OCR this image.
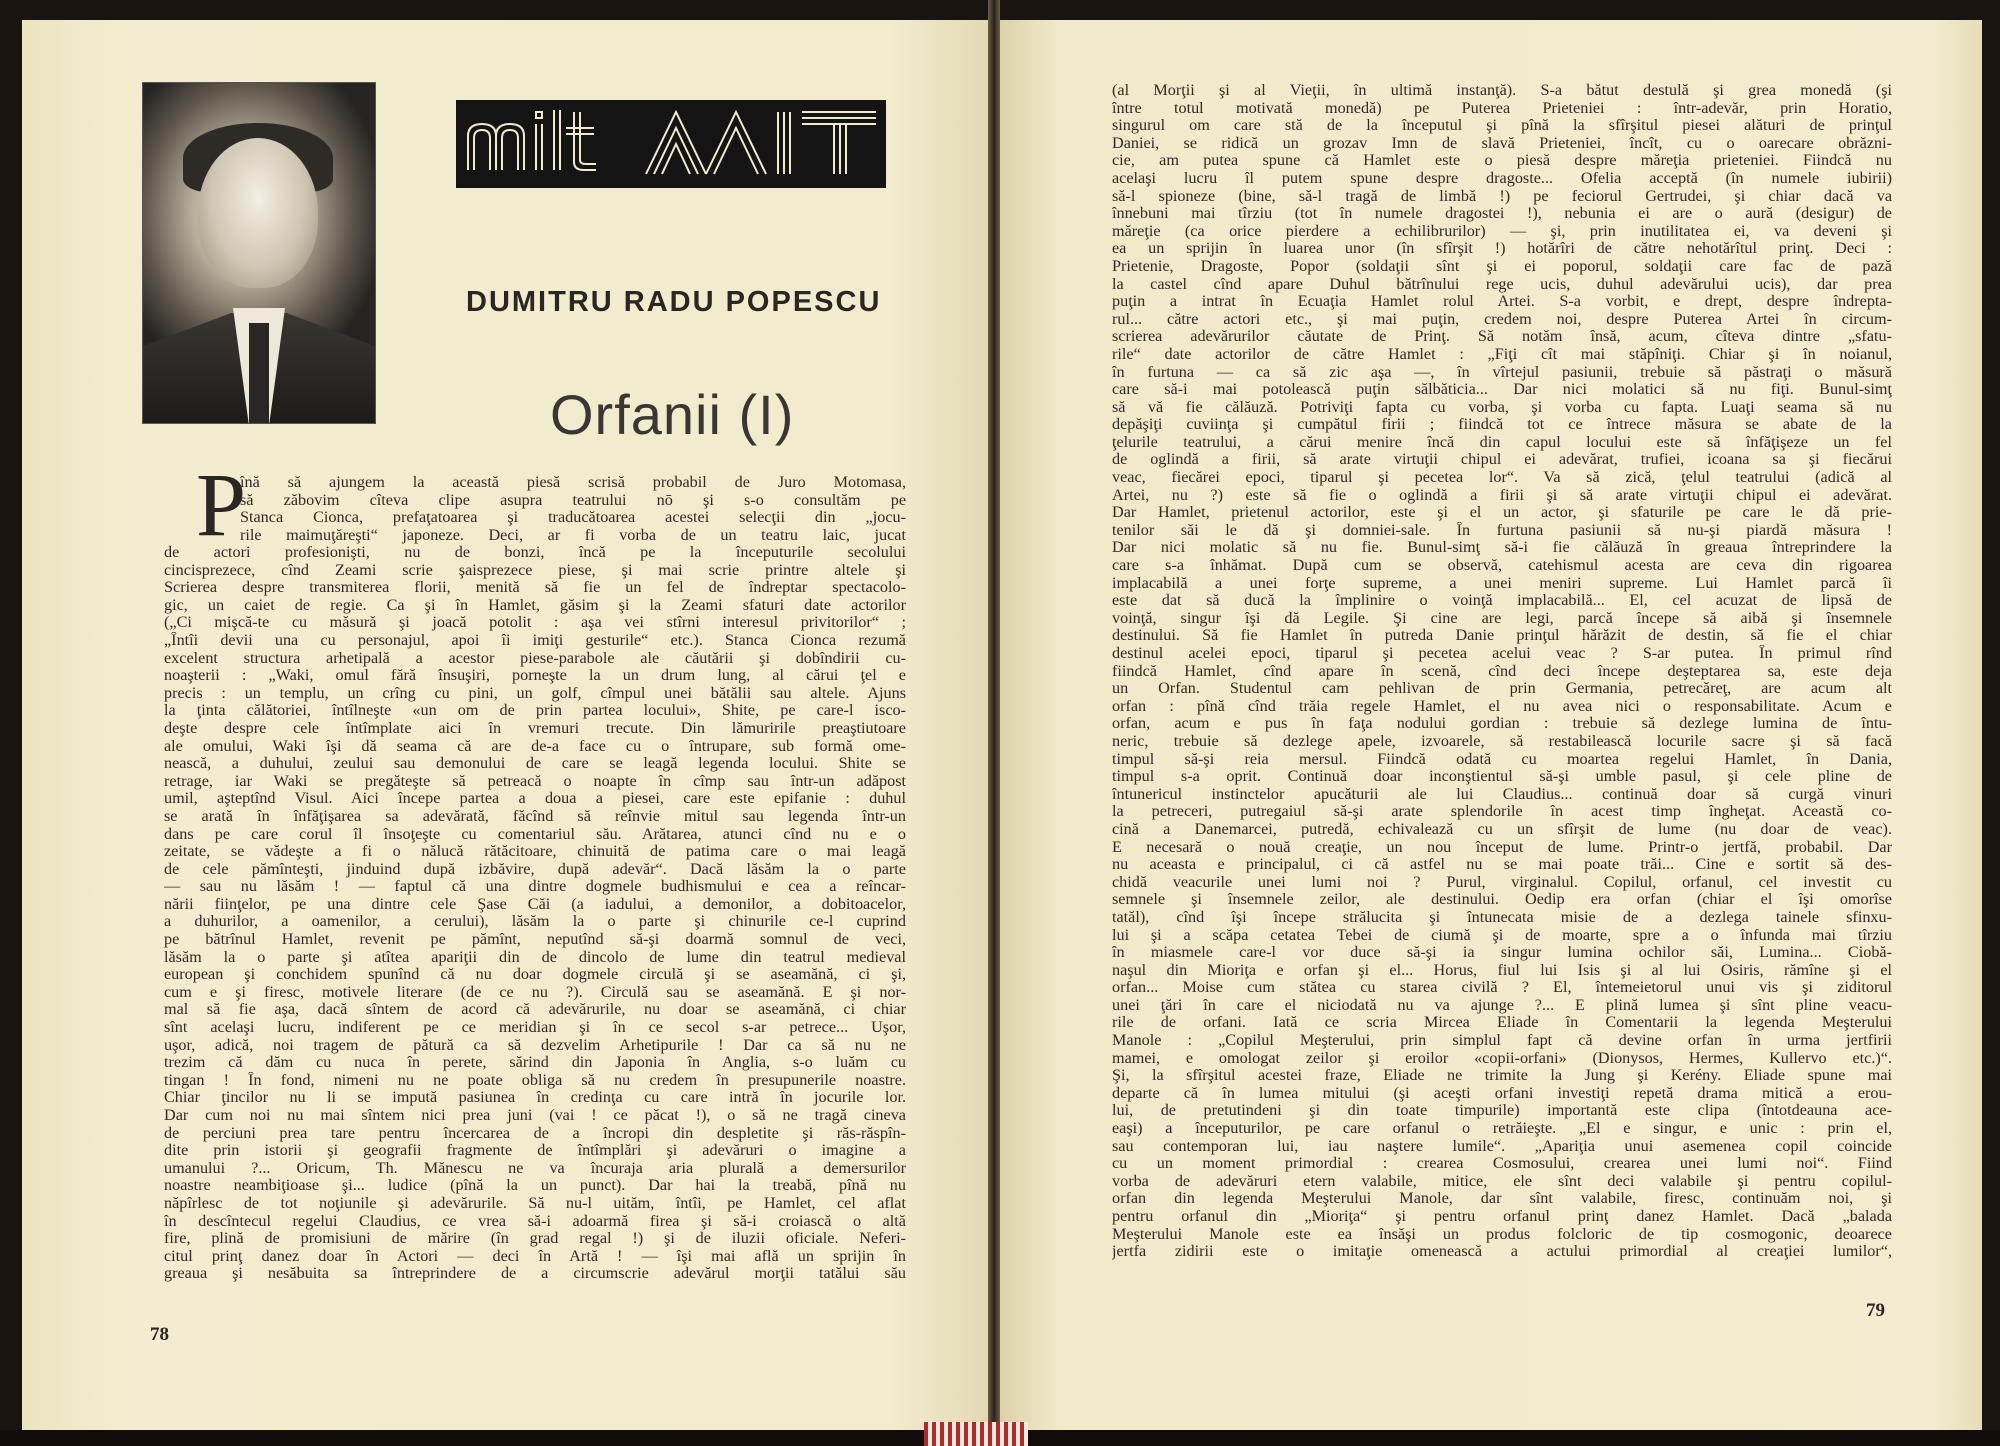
mit MIT
DUMITRU RADU POPESCU
Orfanii (I)
P
înă să ajungem la această piesă scrisă probabil de Juro Motomasa,
să zăbovim cîteva clipe asupra teatrului nō şi s-o consultăm pe
Stanca Cionca, prefaţatoarea şi traducătoarea acestei selecţii din „jocu-
rile maimuţăreşti“ japoneze. Deci, ar fi vorba de un teatru laic, jucat
de actori profesionişti, nu de bonzi, încă pe la începuturile secolului
cincisprezece, cînd Zeami scrie şaisprezece piese, şi mai scrie printre altele şi
Scrierea despre transmiterea florii, menită să fie un fel de îndreptar spectacolo-
gic, un caiet de regie. Ca şi în Hamlet, găsim şi la Zeami sfaturi date actorilor
(„Ci mişcă-te cu măsură şi joacă potolit : aşa vei stîrni interesul privitorilor“ ;
„Întîi devii una cu personajul, apoi îi imiţi gesturile“ etc.). Stanca Cionca rezumă
excelent structura arhetipală a acestor piese-parabole ale căutării şi dobîndirii cu-
noaşterii : „Waki, omul fără însuşiri, porneşte la un drum lung, al cărui ţel e
precis : un templu, un crîng cu pini, un golf, cîmpul unei bătălii sau altele. Ajuns
la ţinta călătoriei, întîlneşte «un om de prin partea locului», Shite, pe care-l isco-
deşte despre cele întîmplate aici în vremuri trecute. Din lămuririle preaştiutoare
ale omului, Waki îşi dă seama că are de-a face cu o întrupare, sub formă ome-
nească, a duhului, zeului sau demonului de care se leagă legenda locului. Shite se
retrage, iar Waki se pregăteşte să petreacă o noapte în cîmp sau într-un adăpost
umil, aşteptînd Visul. Aici începe partea a doua a piesei, care este epifanie : duhul
se arată în înfăţişarea sa adevărată, făcînd să reînvie mitul sau legenda într-un
dans pe care corul îl însoţeşte cu comentariul său. Arătarea, atunci cînd nu e o
zeitate, se vădeşte a fi o nălucă rătăcitoare, chinuită de patima care o mai leagă
de cele pămînteşti, jinduind după izbăvire, după adevăr“. Dacă lăsăm la o parte
— sau nu lăsăm ! — faptul că una dintre dogmele budhismului e cea a reîncar-
nării fiinţelor, pe una dintre cele Şase Căi (a iadului, a demonilor, a dobitoacelor,
a duhurilor, a oamenilor, a cerului), lăsăm la o parte şi chinurile ce-l cuprind
pe bătrînul Hamlet, revenit pe pămînt, neputînd să-şi doarmă somnul de veci,
lăsăm la o parte şi atîtea apariţii din de dincolo de lume din teatrul medieval
european şi conchidem spunînd că nu doar dogmele circulă şi se aseamănă, ci şi,
cum e şi firesc, motivele literare (de ce nu ?). Circulă sau se aseamănă. E şi nor-
mal să fie aşa, dacă sîntem de acord că adevărurile, nu doar se aseamănă, ci chiar
sînt acelaşi lucru, indiferent pe ce meridian şi în ce secol s-ar petrece... Uşor,
uşor, adică, noi tragem de pătură ca să dezvelim Arhetipurile ! Dar ca să nu ne
trezim că dăm cu nuca în perete, sărind din Japonia în Anglia, s-o luăm cu
tingan ! În fond, nimeni nu ne poate obliga să nu credem în presupunerile noastre.
Chiar ţincilor nu li se impută pasiunea în credinţa cu care intră în jocurile lor.
Dar cum noi nu mai sîntem nici prea juni (vai ! ce păcat !), o să ne tragă cineva
de perciuni prea tare pentru încercarea de a încropi din despletite şi răs-răspîn-
dite prin istorii şi geografii fragmente de întîmplări şi adevăruri o imagine a
umanului ?... Oricum, Th. Mănescu ne va încuraja aria plurală a demersurilor
noastre neambiţioase şi... ludice (pînă la un punct). Dar hai la treabă, pînă nu
năpîrlesc de tot noţiunile şi adevărurile. Să nu-l uităm, întîi, pe Hamlet, cel aflat
în descîntecul regelui Claudius, ce vrea să-i adoarmă firea şi să-i croiască o altă
fire, plină de promisiuni de mărire (în grad regal !) şi de iluzii oficiale. Neferi-
citul prinţ danez doar în Actori — deci în Artă ! — îşi mai află un sprijin în
greaua şi nesăbuita sa întreprindere de a circumscrie adevărul morţii tatălui său
(al Morţii şi al Vieţii, în ultimă instanţă). S-a bătut destulă şi grea monedă (şi
între totul motivată monedă) pe Puterea Prieteniei : într-adevăr, prin Horatio,
singurul om care stă de la începutul şi pînă la sfîrşitul piesei alături de prinţul
Daniei, se ridică un grozav Imn de slavă Prieteniei, încît, cu o oarecare obrăzni-
cie, am putea spune că Hamlet este o piesă despre măreţia prieteniei. Fiindcă nu
acelaşi lucru îl putem spune despre dragoste... Ofelia acceptă (în numele iubirii)
să-l spioneze (bine, să-l tragă de limbă !) pe feciorul Gertrudei, şi chiar dacă va
înnebuni mai tîrziu (tot în numele dragostei !), nebunia ei are o aură (desigur) de
măreţie (ca orice pierdere a echilibrurilor) — şi, prin inutilitatea ei, va deveni şi
ea un sprijin în luarea unor (în sfîrşit !) hotărîri de către nehotărîtul prinţ. Deci :
Prietenie, Dragoste, Popor (soldaţii sînt şi ei poporul, soldaţii care fac de pază
la castel cînd apare Duhul bătrînului rege ucis, duhul adevărului ucis), dar prea
puţin a intrat în Ecuaţia Hamlet rolul Artei. S-a vorbit, e drept, despre îndrepta-
rul... către actori etc., şi mai puţin, credem noi, despre Puterea Artei în circum-
scrierea adevărurilor căutate de Prinţ. Să notăm însă, acum, cîteva dintre „sfatu-
rile“ date actorilor de către Hamlet : „Fiţi cît mai stăpîniţi. Chiar şi în noianul,
în furtuna — ca să zic aşa —, în vîrtejul pasiunii, trebuie să păstraţi o măsură
care să-i mai potolească puţin sălbăticia... Dar nici molatici să nu fiţi. Bunul-simţ
să vă fie călăuză. Potriviţi fapta cu vorba, şi vorba cu fapta. Luaţi seama să nu
depăşiţi cuviinţa şi cumpătul firii ; fiindcă tot ce întrece măsura se abate de la
ţelurile teatrului, a cărui menire încă din capul locului este să înfăţişeze un fel
de oglindă a firii, să arate virtuţii chipul ei adevărat, trufiei, icoana sa şi fiecărui
veac, fiecărei epoci, tiparul şi pecetea lor“. Va să zică, ţelul teatrului (adică al
Artei, nu ?) este să fie o oglindă a firii şi să arate virtuţii chipul ei adevărat.
Dar Hamlet, prietenul actorilor, este şi el un actor, şi sfaturile pe care le dă prie-
tenilor săi le dă şi domniei-sale. În furtuna pasiunii să nu-şi piardă măsura !
Dar nici molatic să nu fie. Bunul-simţ să-i fie călăuză în greaua întreprindere la
care s-a înhămat. După cum se observă, catehismul acesta are ceva din rigoarea
implacabilă a unei forţe supreme, a unei meniri supreme. Lui Hamlet parcă îi
este dat să ducă la împlinire o voinţă implacabilă... El, cel acuzat de lipsă de
voinţă, singur îşi dă Legile. Şi cine are legi, parcă începe să aibă şi însemnele
destinului. Să fie Hamlet în putreda Danie prinţul hărăzit de destin, să fie el chiar
destinul acelei epoci, tiparul şi pecetea acelui veac ? S-ar putea. În primul rînd
fiindcă Hamlet, cînd apare în scenă, cînd deci începe deşteptarea sa, este deja
un Orfan. Studentul cam pehlivan de prin Germania, petrecăreţ, are acum alt
orfan : pînă cînd trăia regele Hamlet, el nu avea nici o responsabilitate. Acum e
orfan, acum e pus în faţa nodului gordian : trebuie să dezlege lumina de întu-
neric, trebuie să dezlege apele, izvoarele, să restabilească locurile sacre şi să facă
timpul să-şi reia mersul. Fiindcă odată cu moartea regelui Hamlet, în Dania,
timpul s-a oprit. Continuă doar inconştientul să-şi umble pasul, şi cele pline de
întunericul instinctelor apucăturii ale lui Claudius... continuă doar să curgă vinuri
la petreceri, putregaiul să-şi arate splendorile în acest timp îngheţat. Această co-
cină a Danemarcei, putredă, echivalează cu un sfîrşit de lume (nu doar de veac).
E necesară o nouă creaţie, un nou început de lume. Printr-o jertfă, probabil. Dar
nu aceasta e principalul, ci că astfel nu se mai poate trăi... Cine e sortit să des-
chidă veacurile unei lumi noi ? Purul, virginalul. Copilul, orfanul, cel investit cu
semnele şi însemnele zeilor, ale destinului. Oedip era orfan (chiar el îşi omorîse
tatăl), cînd îşi începe strălucita şi întunecata misie de a dezlega tainele sfinxu-
lui şi a scăpa cetatea Tebei de ciumă şi de moarte, spre a o înfunda mai tîrziu
în miasmele care-l vor duce să-şi ia singur lumina ochilor săi, Lumina... Ciobă-
naşul din Mioriţa e orfan şi el... Horus, fiul lui Isis şi al lui Osiris, rămîne şi el
orfan... Moise cum stătea cu starea civilă ? El, întemeietorul unui vis şi ziditorul
unei ţări în care el niciodată nu va ajunge ?... E plină lumea şi sînt pline veacu-
rile de orfani. Iată ce scria Mircea Eliade în Comentarii la legenda Meşterului
Manole : „Copilul Meşterului, prin simplul fapt că devine orfan în urma jertfirii
mamei, e omologat zeilor şi eroilor «copii-orfani» (Dionysos, Hermes, Kullervo etc.)“.
Şi, la sfîrşitul acestei fraze, Eliade ne trimite la Jung şi Kerény. Eliade spune mai
departe că în lumea mitului (şi aceşti orfani investiţi repetă drama mitică a erou-
lui, de pretutindeni şi din toate timpurile) importantă este clipa (întotdeauna ace-
eaşi) a începuturilor, pe care orfanul o retrăieşte. „El e singur, e unic : prin el,
sau contemporan lui, iau naştere lumile“. „Apariţia unui asemenea copil coincide
cu un moment primordial : crearea Cosmosului, crearea unei lumi noi“. Fiind
vorba de adevăruri etern valabile, mitice, ele sînt deci valabile şi pentru copilul-
orfan din legenda Meşterului Manole, dar sînt valabile, firesc, continuăm noi, şi
pentru orfanul din „Mioriţa“ şi pentru orfanul prinţ danez Hamlet. Dacă „balada
Meşterului Manole este ea însăşi un produs folcloric de tip cosmogonic, deoarece
jertfa zidirii este o imitaţie omenească a actului primordial al creaţiei lumilor“,
78
79
